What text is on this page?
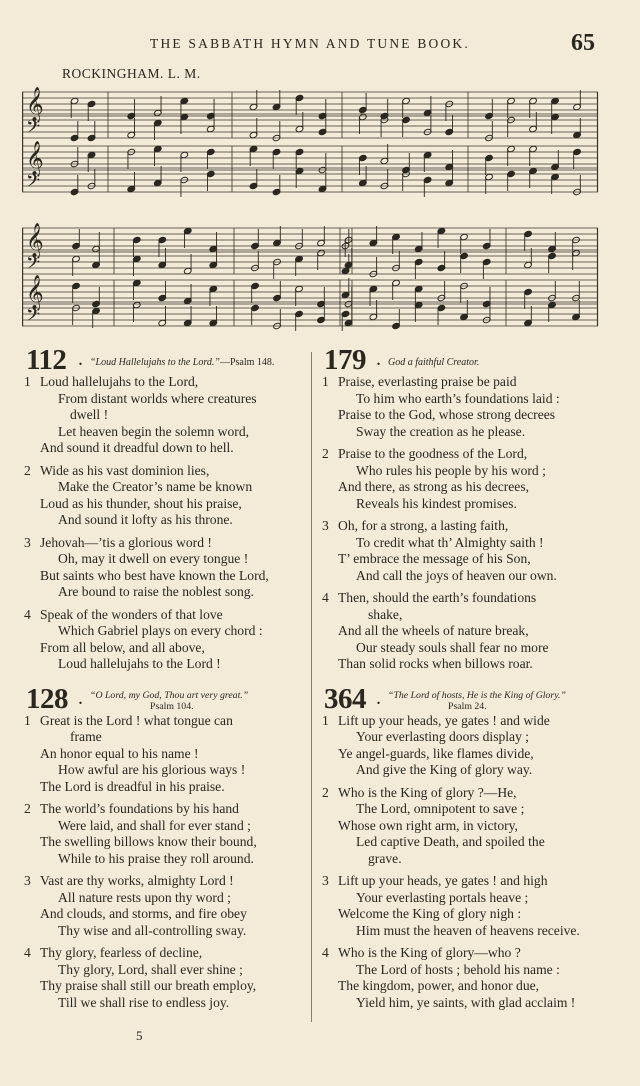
THE SABBATH HYMN AND TUNE BOOK.	65
ROCKINGHAM. L. M.
𝄞
𝄢
𝄞
𝄢
𝄞
𝄢
𝄞
𝄢
112 . “Loud Hallelujahs to the Lord.”—Psalm 148.
1 Loud hallelujahs to the Lord,
From distant worlds where creatures
dwell !
Let heaven begin the solemn word,
And sound it dreadful down to hell.
2 Wide as his vast dominion lies,
Make the Creator’s name be known
Loud as his thunder, shout his praise,
And sound it lofty as his throne.
3 Jehovah—’tis a glorious word !
Oh, may it dwell on every tongue !
But saints who best have known the Lord,
Are bound to raise the noblest song.
4 Speak of the wonders of that love
Which Gabriel plays on every chord :
From all below, and all above,
Loud hallelujahs to the Lord !
128 . “O Lord, my God, Thou art very great.”
Psalm 104.
1 Great is the Lord ! what tongue can
frame
An honor equal to his name !
How awful are his glorious ways !
The Lord is dreadful in his praise.
2 The world’s foundations by his hand
Were laid, and shall for ever stand ;
The swelling billows know their bound,
While to his praise they roll around.
3 Vast are thy works, almighty Lord !
All nature rests upon thy word ;
And clouds, and storms, and fire obey
Thy wise and all-controlling sway.
4 Thy glory, fearless of decline,
Thy glory, Lord, shall ever shine ;
Thy praise shall still our breath employ,
Till we shall rise to endless joy.
179 . God a faithful Creator.
1 Praise, everlasting praise be paid
To him who earth’s foundations laid :
Praise to the God, whose strong decrees
Sway the creation as he please.
2 Praise to the goodness of the Lord,
Who rules his people by his word ;
And there, as strong as his decrees,
Reveals his kindest promises.
3 Oh, for a strong, a lasting faith,
To credit what th’ Almighty saith !
T’ embrace the message of his Son,
And call the joys of heaven our own.
4 Then, should the earth’s foundations
shake,
And all the wheels of nature break,
Our steady souls shall fear no more
Than solid rocks when billows roar.
364 . “The Lord of hosts, He is the King of Glory.”
Psalm 24.
1 Lift up your heads, ye gates ! and wide
Your everlasting doors display ;
Ye angel-guards, like flames divide,
And give the King of glory way.
2 Who is the King of glory ?—He,
The Lord, omnipotent to save ;
Whose own right arm, in victory,
Led captive Death, and spoiled the
grave.
3 Lift up your heads, ye gates ! and high
Your everlasting portals heave ;
Welcome the King of glory nigh :
Him must the heaven of heavens receive.
4 Who is the King of glory—who ?
The Lord of hosts ; behold his name :
The kingdom, power, and honor due,
Yield him, ye saints, with glad acclaim !
5
